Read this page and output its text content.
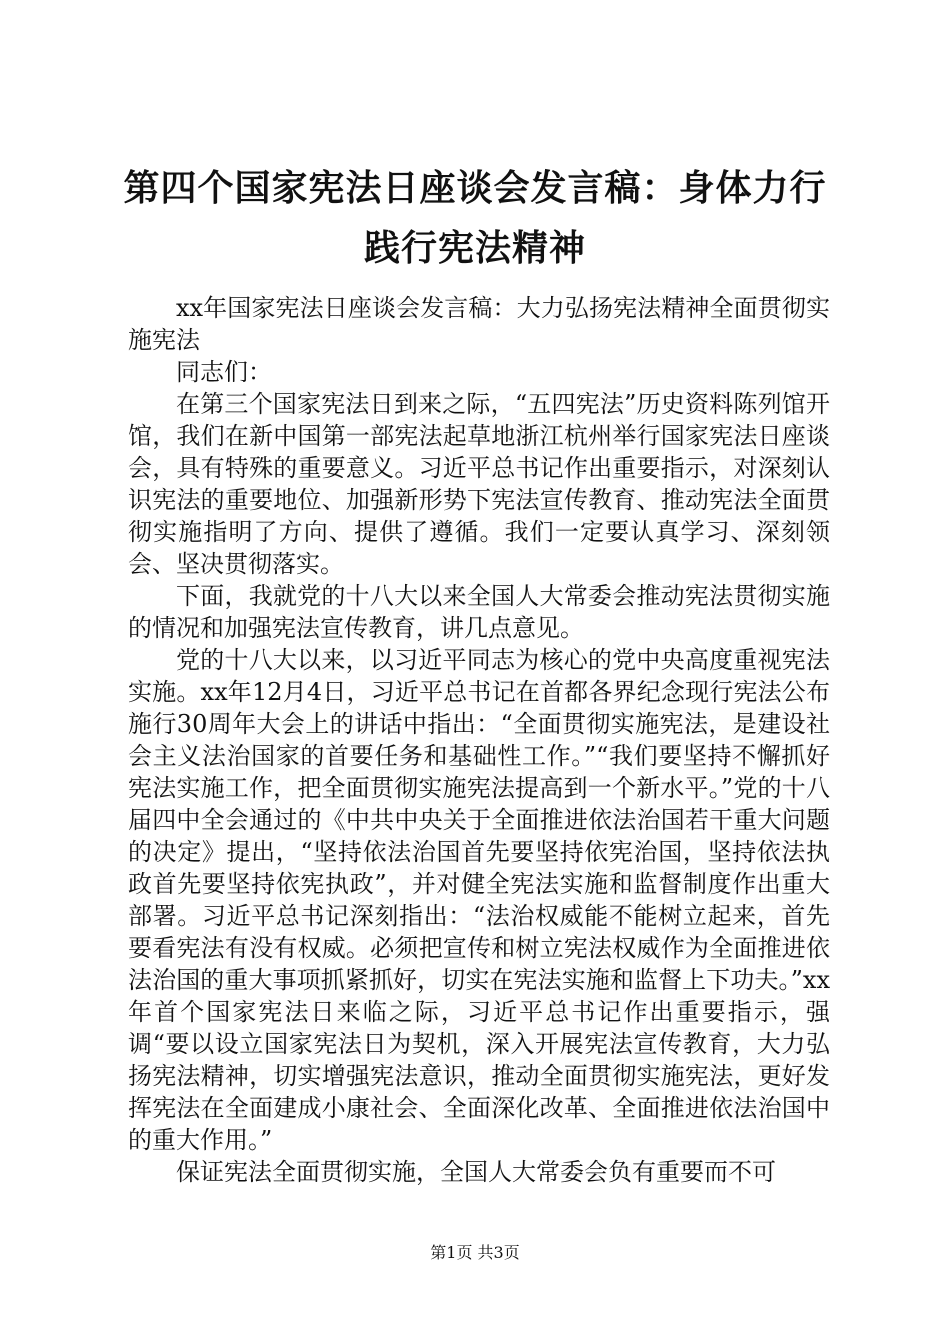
第四个国家宪法日座谈会发言稿：身体力行践行宪法精神

xx年国家宪法日座谈会发言稿：大力弘扬宪法精神全面贯彻实施宪法

同志们：

在第三个国家宪法日到来之际，“五四宪法”历史资料陈列馆开馆，我们在新中国第一部宪法起草地浙江杭州举行国家宪法日座谈会，具有特殊的重要意义。习近平总书记作出重要指示，对深刻认识宪法的重要地位、加强新形势下宪法宣传教育、推动宪法全面贯彻实施指明了方向、提供了遵循。我们一定要认真学习、深刻领会、坚决贯彻落实。

下面，我就党的十八大以来全国人大常委会推动宪法贯彻实施的情况和加强宪法宣传教育，讲几点意见。

党的十八大以来，以习近平同志为核心的党中央高度重视宪法实施。xx年12月4日，习近平总书记在首都各界纪念现行宪法公布施行30周年大会上的讲话中指出：“全面贯彻实施宪法，是建设社会主义法治国家的首要任务和基础性工作。”“我们要坚持不懈抓好宪法实施工作，把全面贯彻实施宪法提高到一个新水平。”党的十八届四中全会通过的《中共中央关于全面推进依法治国若干重大问题的决定》提出，“坚持依法治国首先要坚持依宪治国，坚持依法执政首先要坚持依宪执政”，并对健全宪法实施和监督制度作出重大部署。习近平总书记深刻指出：“法治权威能不能树立起来，首先要看宪法有没有权威。必须把宣传和树立宪法权威作为全面推进依法治国的重大事项抓紧抓好，切实在宪法实施和监督上下功夫。”xx年首个国家宪法日来临之际，习近平总书记作出重要指示，强调“要以设立国家宪法日为契机，深入开展宪法宣传教育，大力弘扬宪法精神，切实增强宪法意识，推动全面贯彻实施宪法，更好发挥宪法在全面建成小康社会、全面深化改革、全面推进依法治国中的重大作用。”

保证宪法全面贯彻实施，全国人大常委会负有重要而不可

第1页 共3页
